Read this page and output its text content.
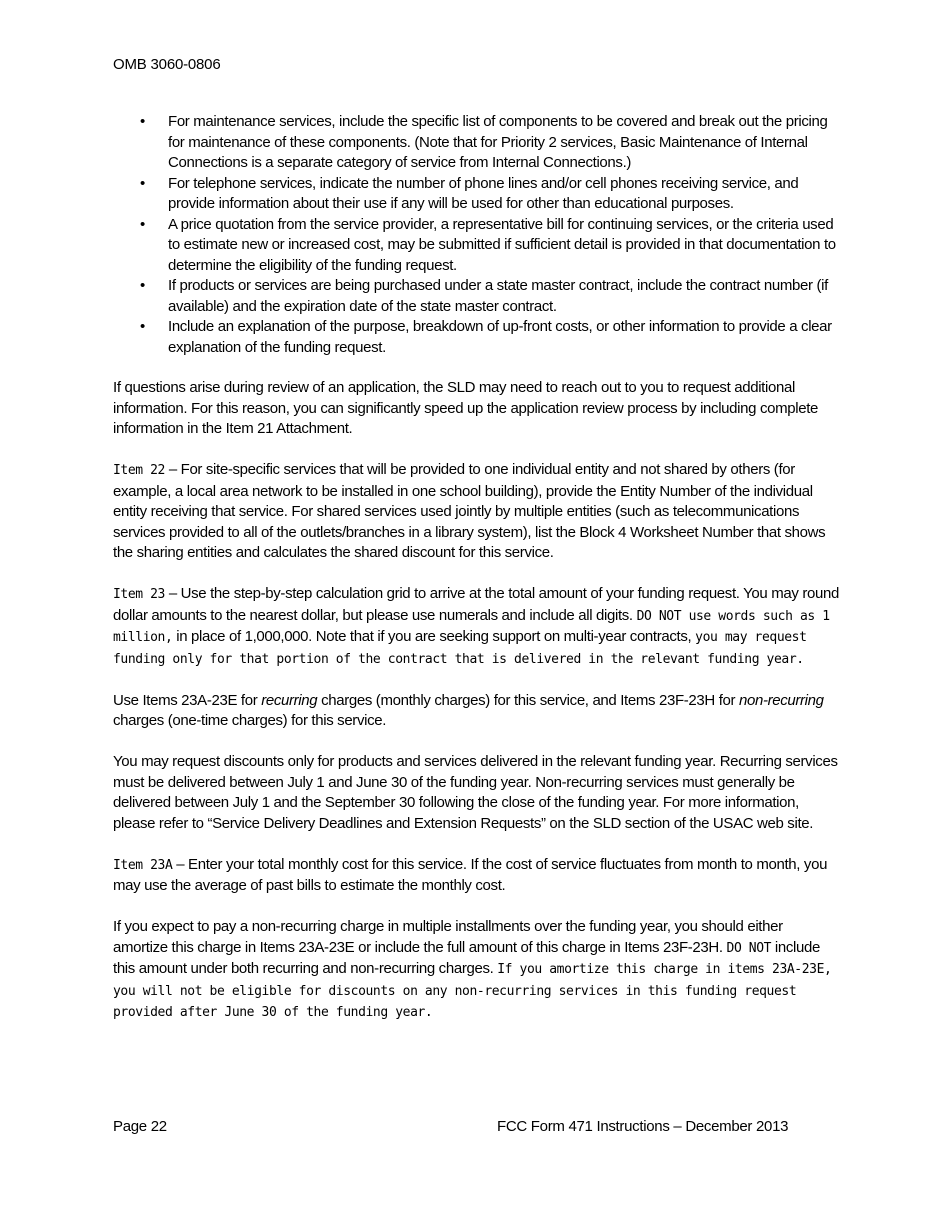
OMB 3060-0806
• For maintenance services, include the specific list of components to be covered and break out the pricing for maintenance of these components. (Note that for Priority 2 services, Basic Maintenance of Internal Connections is a separate category of service from Internal Connections.)
• For telephone services, indicate the number of phone lines and/or cell phones receiving service, and provide information about their use if any will be used for other than educational purposes.
• A price quotation from the service provider, a representative bill for continuing services, or the criteria used to estimate new or increased cost, may be submitted if sufficient detail is provided in that documentation to determine the eligibility of the funding request.
• If products or services are being purchased under a state master contract, include the contract number (if available) and the expiration date of the state master contract.
• Include an explanation of the purpose, breakdown of up-front costs, or other information to provide a clear explanation of the funding request.

If questions arise during review of an application, the SLD may need to reach out to you to request additional information. For this reason, you can significantly speed up the application review process by including complete information in the Item 21 Attachment.

Item 22 – For site-specific services that will be provided to one individual entity and not shared by others (for example, a local area network to be installed in one school building), provide the Entity Number of the individual entity receiving that service. For shared services used jointly by multiple entities (such as telecommunications services provided to all of the outlets/branches in a library system), list the Block 4 Worksheet Number that shows the sharing entities and calculates the shared discount for this service.

Item 23 – Use the step-by-step calculation grid to arrive at the total amount of your funding request. You may round dollar amounts to the nearest dollar, but please use numerals and include all digits. DO NOT use words such as 1 million, in place of 1,000,000. Note that if you are seeking support on multi-year contracts, you may request funding only for that portion of the contract that is delivered in the relevant funding year.

Use Items 23A-23E for recurring charges (monthly charges) for this service, and Items 23F-23H for non-recurring charges (one-time charges) for this service.

You may request discounts only for products and services delivered in the relevant funding year. Recurring services must be delivered between July 1 and June 30 of the funding year. Non-recurring services must generally be delivered between July 1 and the September 30 following the close of the funding year. For more information, please refer to “Service Delivery Deadlines and Extension Requests” on the SLD section of the USAC web site.

Item 23A – Enter your total monthly cost for this service. If the cost of service fluctuates from month to month, you may use the average of past bills to estimate the monthly cost.

If you expect to pay a non-recurring charge in multiple installments over the funding year, you should either amortize this charge in Items 23A-23E or include the full amount of this charge in Items 23F-23H. DO NOT include this amount under both recurring and non-recurring charges. If you amortize this charge in items 23A-23E, you will not be eligible for discounts on any non-recurring services in this funding request provided after June 30 of the funding year.

Page 22	FCC Form 471 Instructions – December 2013
